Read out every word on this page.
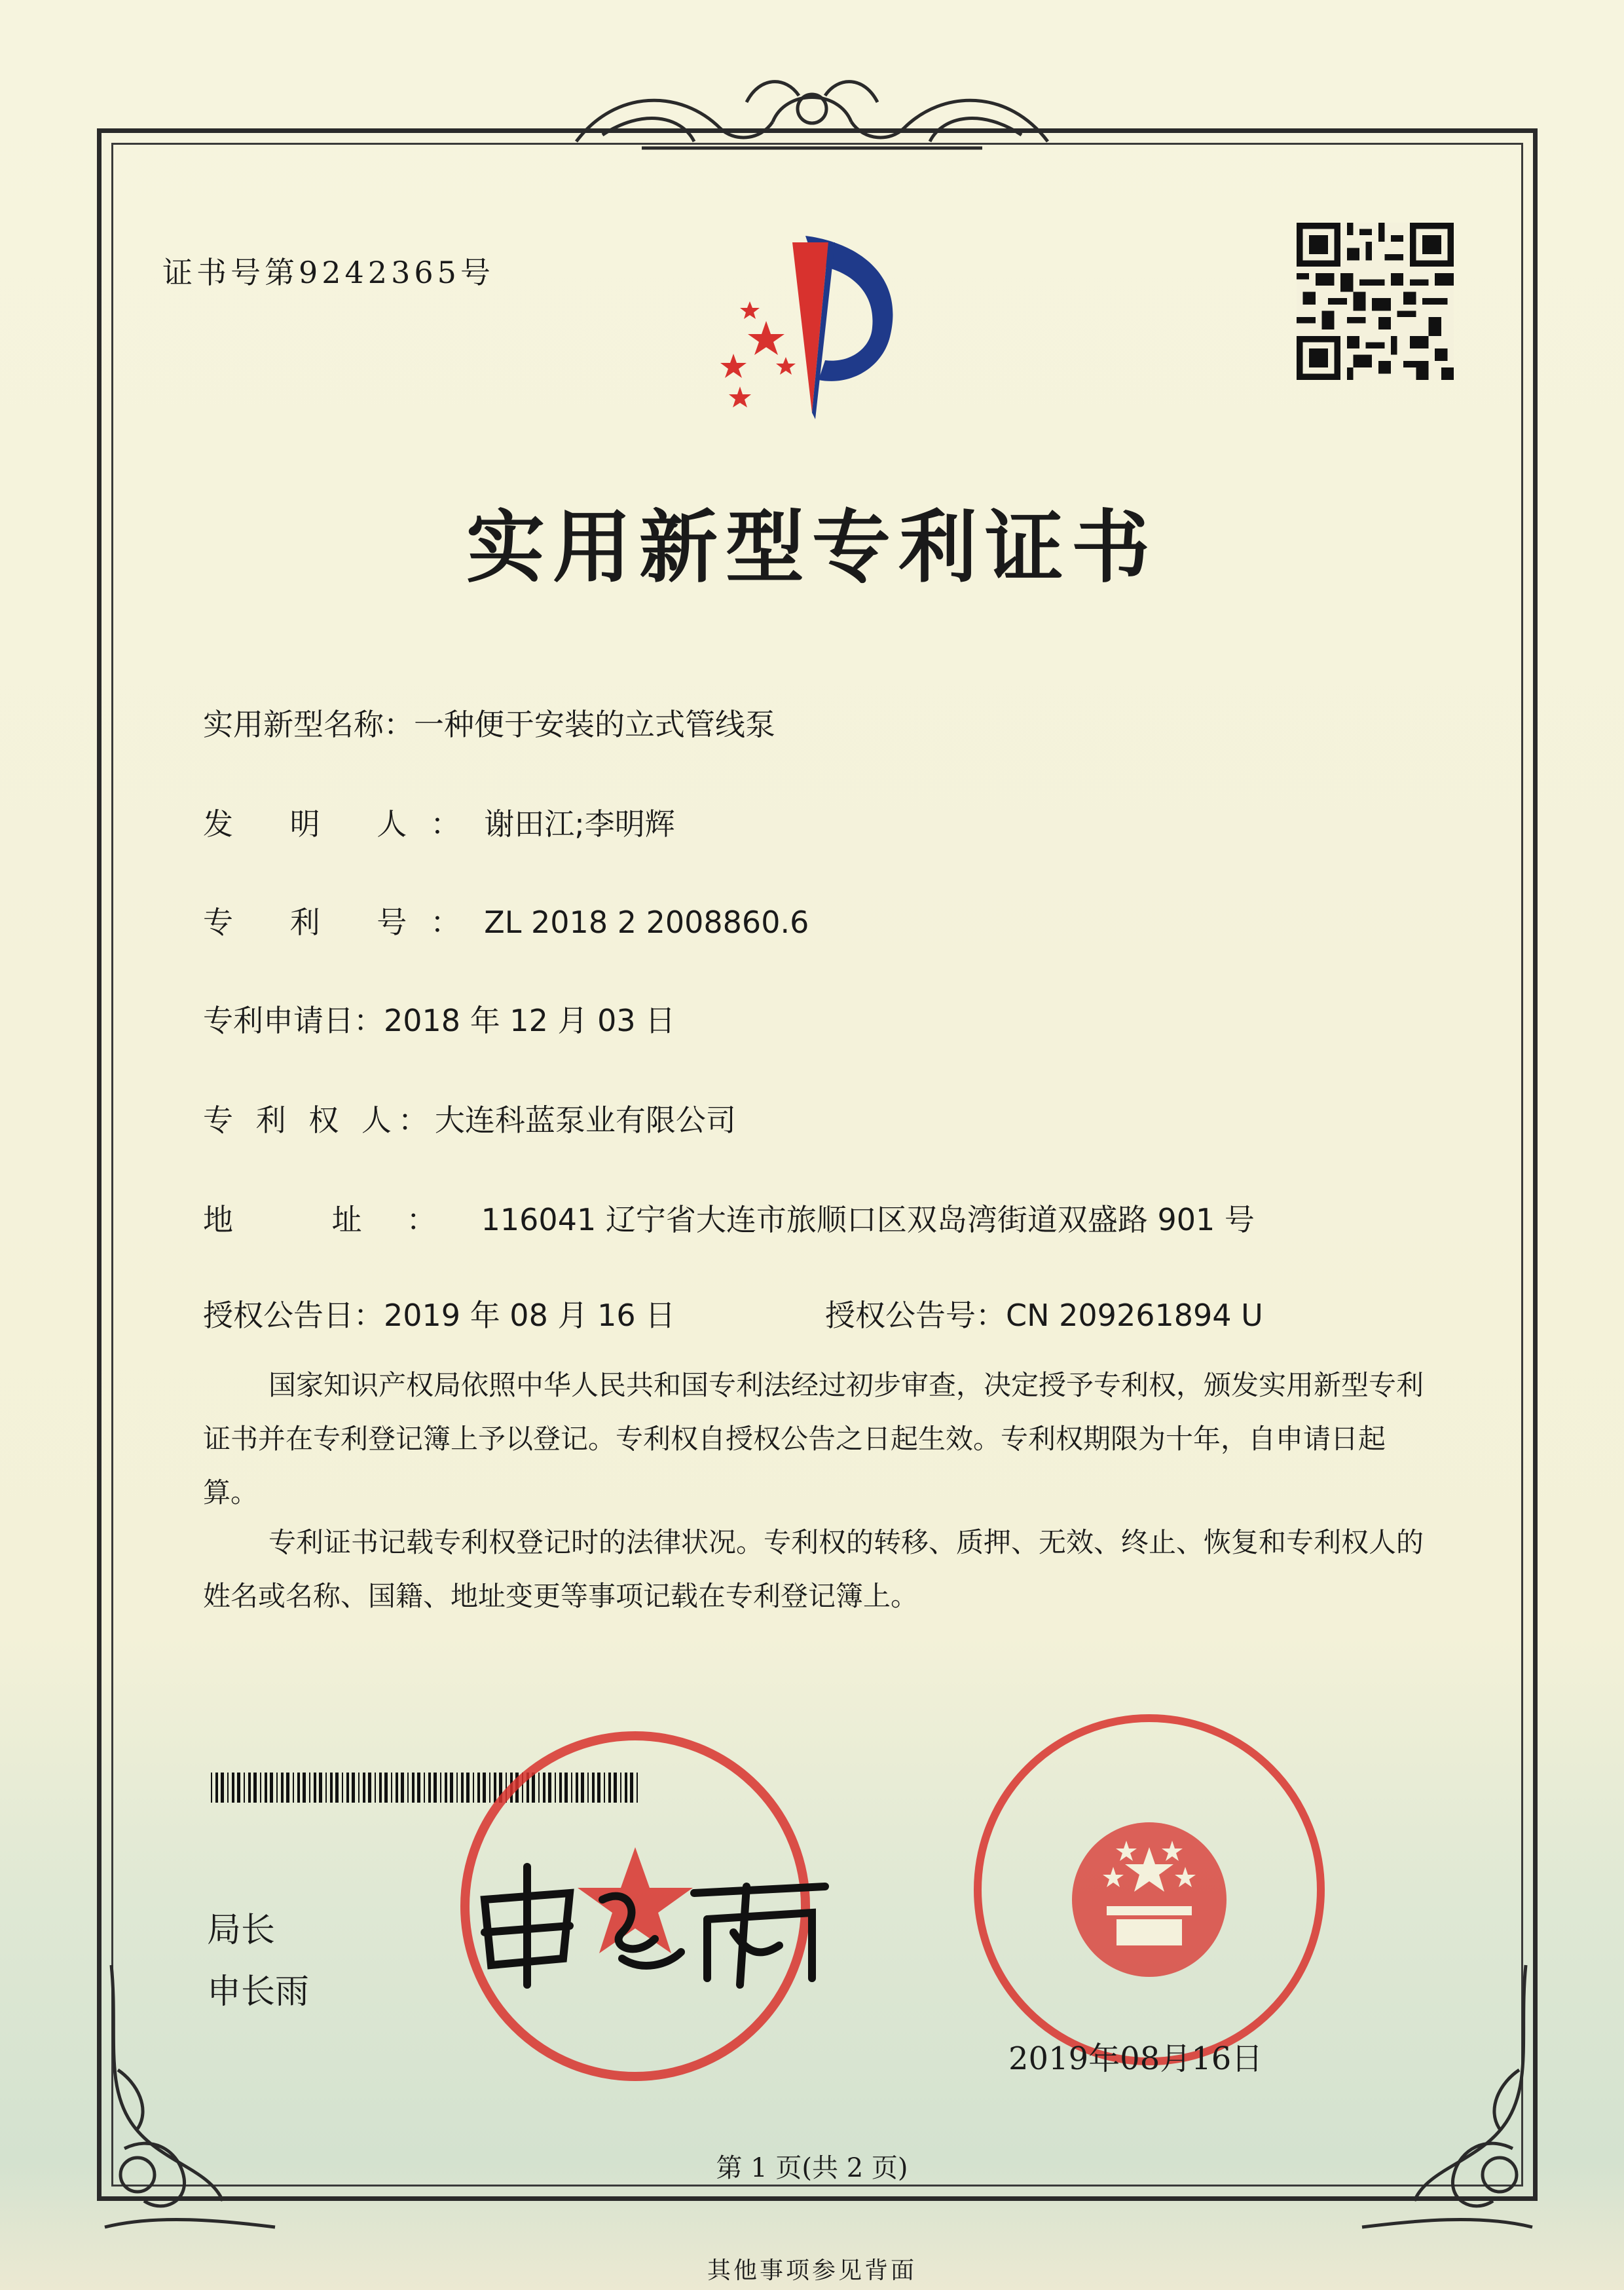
证书号第9242365号
实用新型专利证书
实用新型名称：一种便于安装的立式管线泵
发 明 人：谢田江;李明辉
专 利 号：ZL 2018 2 2008860.6
专利申请日：2018 年 12 月 03 日
专 利 权 人：大连科蓝泵业有限公司
地 址：116041 辽宁省大连市旅顺口区双岛湾街道双盛路 901 号
授权公告日：2019 年 08 月 16 日	授权公告号：CN 209261894 U
国家知识产权局依照中华人民共和国专利法经过初步审查，决定授予专利权，颁发实用新型专利证书并在专利登记簿上予以登记。专利权自授权公告之日起生效。专利权期限为十年，自申请日起算。
专利证书记载专利权登记时的法律状况。专利权的转移、质押、无效、终止、恢复和专利权人的姓名或名称、国籍、地址变更等事项记载在专利登记簿上。
局长
申长雨
2019年08月16日
第 1 页(共 2 页)
其他事项参见背面
